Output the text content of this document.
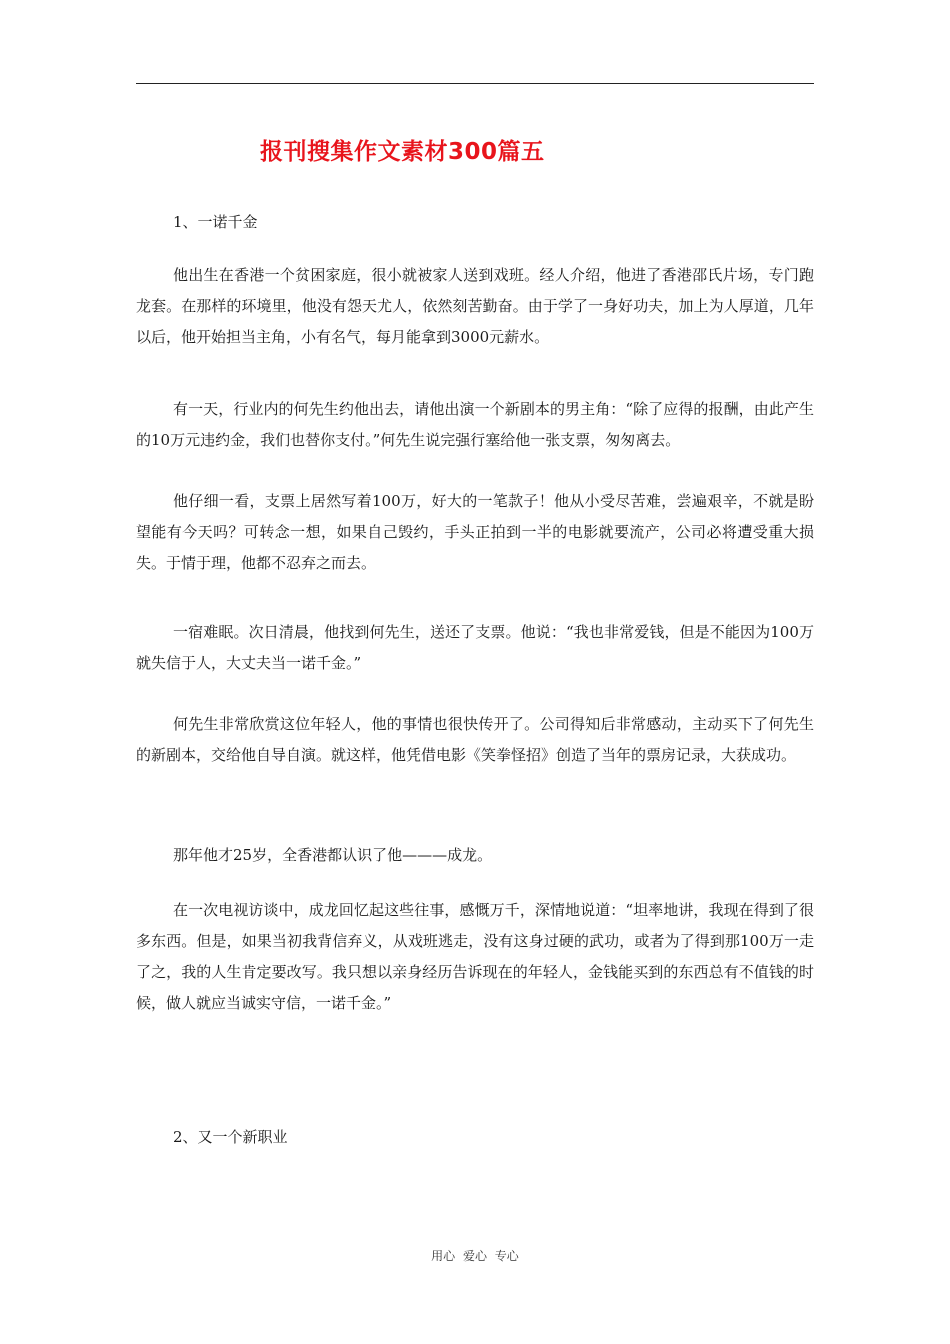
报刊搜集作文素材300篇五
1、一诺千金

他出生在香港一个贫困家庭，很小就被家人送到戏班。经人介绍，他进了香港邵氏片场，专门跑龙套。在那样的环境里，他没有怨天尤人，依然刻苦勤奋。由于学了一身好功夫，加上为人厚道，几年以后，他开始担当主角，小有名气，每月能拿到3000元薪水。

有一天，行业内的何先生约他出去，请他出演一个新剧本的男主角：“除了应得的报酬，由此产生的10万元违约金，我们也替你支付。”何先生说完强行塞给他一张支票，匆匆离去。

他仔细一看，支票上居然写着100万，好大的一笔款子！他从小受尽苦难，尝遍艰辛，不就是盼望能有今天吗？可转念一想，如果自己毁约，手头正拍到一半的电影就要流产，公司必将遭受重大损失。于情于理，他都不忍弃之而去。

一宿难眠。次日清晨，他找到何先生，送还了支票。他说：“我也非常爱钱，但是不能因为100万就失信于人，大丈夫当一诺千金。”

何先生非常欣赏这位年轻人，他的事情也很快传开了。公司得知后非常感动，主动买下了何先生的新剧本，交给他自导自演。就这样，他凭借电影《笑拳怪招》创造了当年的票房记录，大获成功。

那年他才25岁，全香港都认识了他———成龙。

在一次电视访谈中，成龙回忆起这些往事，感慨万千，深情地说道：“坦率地讲，我现在得到了很多东西。但是，如果当初我背信弃义，从戏班逃走，没有这身过硬的武功，或者为了得到那100万一走了之，我的人生肯定要改写。我只想以亲身经历告诉现在的年轻人，金钱能买到的东西总有不值钱的时候，做人就应当诚实守信，一诺千金。”

2、又一个新职业
用心 爱心 专心
